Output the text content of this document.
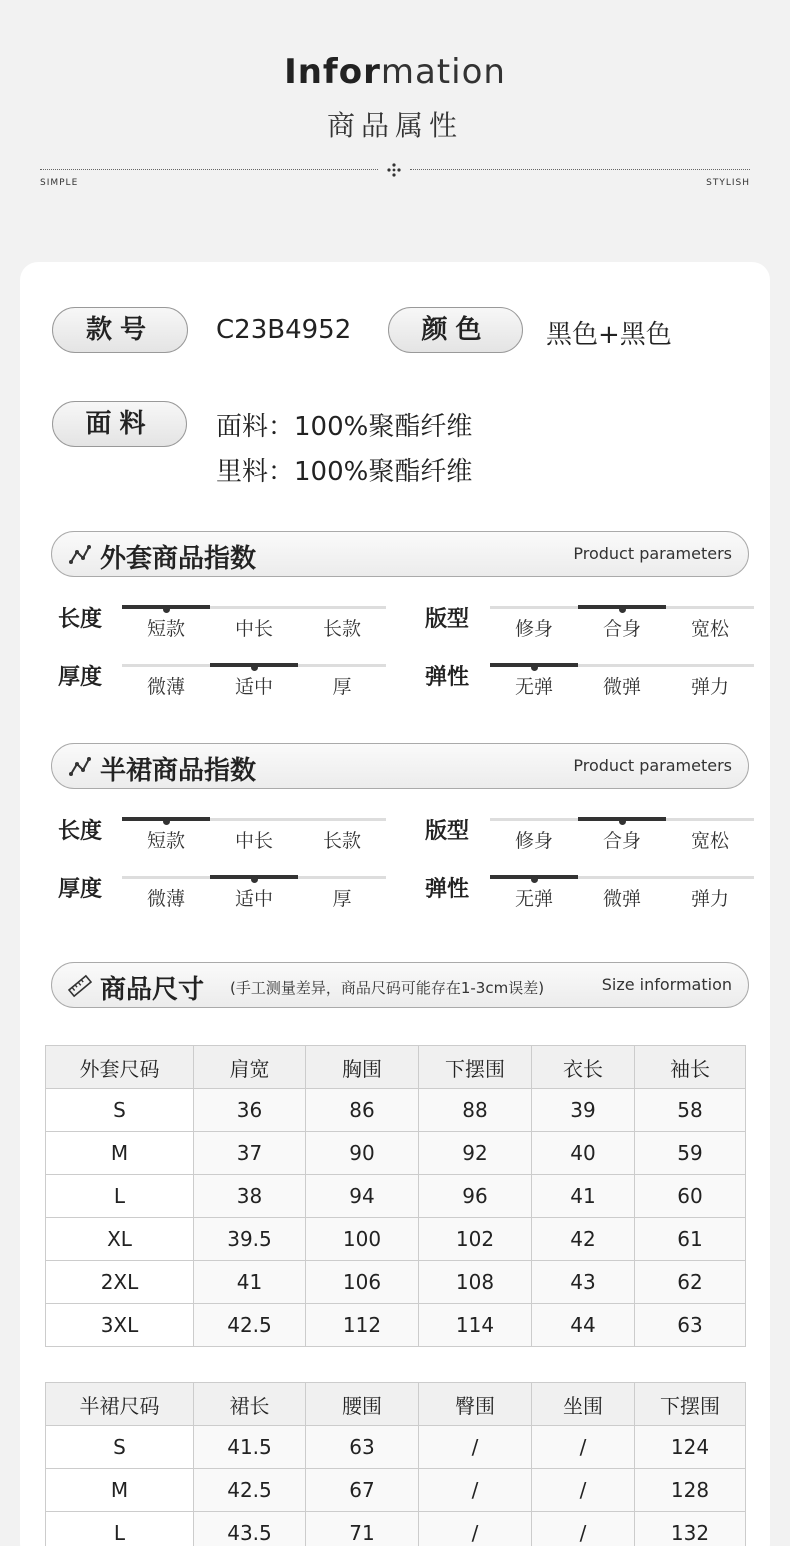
Information
商品属性
SIMPLE	STYLISH
款号	C23B4952	颜色	黑色+黑色
面料	面料：100%聚酯纤维
里料：100%聚酯纤维
外套商品指数	Product parameters
长度	短款	中长	长款
厚度	微薄	适中	厚
版型	修身	合身	宽松
弹性	无弹	微弹	弹力
半裙商品指数	Product parameters
长度	短款	中长	长款
厚度	微薄	适中	厚
版型	修身	合身	宽松
弹性	无弹	微弹	弹力
商品尺寸 (手工测量差异，商品尺码可能存在1-3cm误差)	Size information
外套尺码	肩宽	胸围	下摆围	衣长	袖长
S	36	86	88	39	58
M	37	90	92	40	59
L	38	94	96	41	60
XL	39.5	100	102	42	61
2XL	41	106	108	43	62
3XL	42.5	112	114	44	63
半裙尺码	裙长	腰围	臀围	坐围	下摆围
S	41.5	63	/	/	124
M	42.5	67	/	/	128
L	43.5	71	/	/	132
